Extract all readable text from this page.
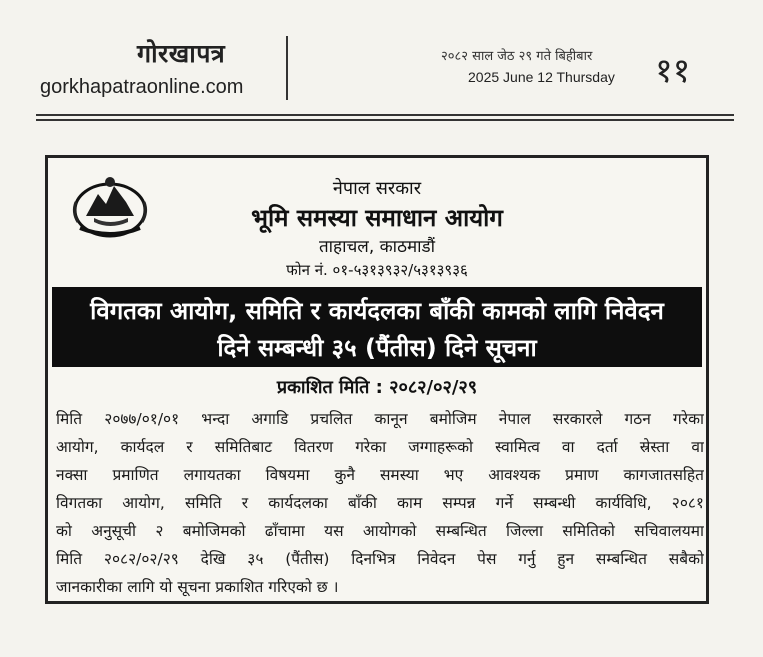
गोरखापत्र
gorkhapatraonline.com
२०८२ साल जेठ २९ गते बिहीबार
2025 June 12 Thursday ११
नेपाल सरकार
भूमि समस्या समाधान आयोग
ताहाचल, काठमाडौं
फोन नं. ०१-५३१३९३२/५३१३९३६
विगतका आयोग, समिति र कार्यदलका बाँकी कामको लागि निवेदन
दिने सम्बन्धी ३५ (पैंतीस) दिने सूचना
प्रकाशित मिति : २०८२/०२/२९
मिति २०७७/०१/०१ भन्दा अगाडि प्रचलित कानून बमोजिम नेपाल सरकारले गठन गरेका
आयोग, कार्यदल र समितिबाट वितरण गरेका जग्गाहरूको स्वामित्व वा दर्ता स्रेस्ता वा
नक्सा प्रमाणित लगायतका विषयमा कुनै समस्या भए आवश्यक प्रमाण कागजातसहित
विगतका आयोग, समिति र कार्यदलका बाँकी काम सम्पन्न गर्ने सम्बन्धी कार्यविधि, २०८१
को अनुसूची २ बमोजिमको ढाँचामा यस आयोगको सम्बन्धित जिल्ला समितिको सचिवालयमा
मिति २०८२/०२/२९ देखि ३५ (पैंतीस) दिनभित्र निवेदन पेस गर्नु हुन सम्बन्धित सबैको
जानकारीका लागि यो सूचना प्रकाशित गरिएको छ ।
